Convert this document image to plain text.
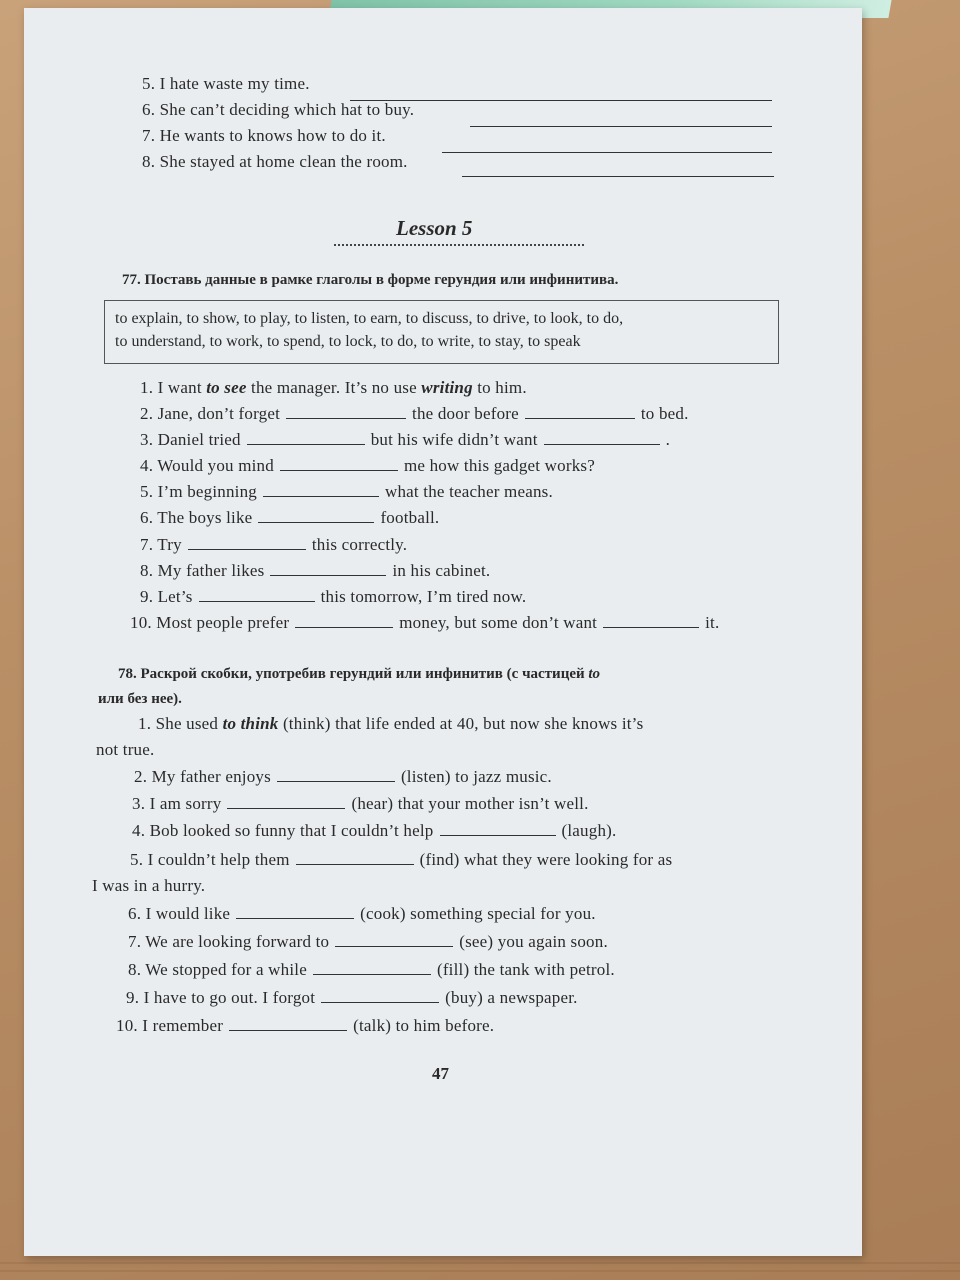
5. I hate waste my time.
6. She can’t deciding which hat to buy.
7. He wants to knows how to do it.
8. She stayed at home clean the room.
Lesson 5
77. Поставь данные в рамке глаголы в форме герундия или инфинитива.
to explain, to show, to play, to listen, to earn, to discuss, to drive, to look, to do,
to understand, to work, to spend, to lock, to do, to write, to stay, to speak
1. I want to see the manager. It’s no use writing to him.
2. Jane, don’t forget	the door before	to bed.
3. Daniel tried	but his wife didn’t want	.
4. Would you mind	me how this gadget works?
5. I’m beginning	what the teacher means.
6. The boys like	football.
7. Try	this correctly.
8. My father likes	in his cabinet.
9. Let’s	this tomorrow, I’m tired now.
10. Most people prefer	money, but some don’t want	it.
78. Раскрой скобки, употребив герундий или инфинитив (с частицей to
или без нее).
1. She used to think (think) that life ended at 40, but now she knows it’s
not true.
2. My father enjoys	(listen) to jazz music.
3. I am sorry	(hear) that your mother isn’t well.
4. Bob looked so funny that I couldn’t help	(laugh).
5. I couldn’t help them	(find) what they were looking for as
I was in a hurry.
6. I would like	(cook) something special for you.
7. We are looking forward to	(see) you again soon.
8. We stopped for a while	(fill) the tank with petrol.
9. I have to go out. I forgot	(buy) a newspaper.
10. I remember	(talk) to him before.
47
